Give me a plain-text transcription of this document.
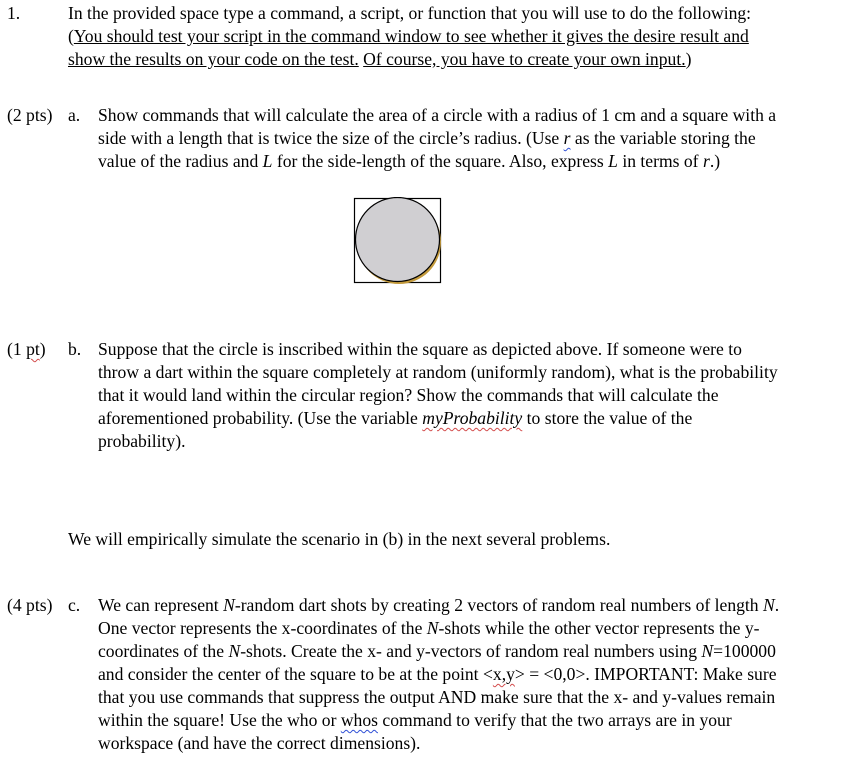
1.	In the provided space type a command, a script, or function that you will use to do the following: (You should test your script in the command window to see whether it gives the desire result and show the results on your code on the test. Of course, you have to create your own input.)
(2 pts) a. Show commands that will calculate the area of a circle with a radius of 1 cm and a square with a side with a length that is twice the size of the circle’s radius. (Use r as the variable storing the value of the radius and L for the side-length of the square. Also, express L in terms of r.)
(1 pt) b. Suppose that the circle is inscribed within the square as depicted above. If someone were to throw a dart within the square completely at random (uniformly random), what is the probability that it would land within the circular region? Show the commands that will calculate the aforementioned probability. (Use the variable myProbability to store the value of the probability).
We will empirically simulate the scenario in (b) in the next several problems.
(4 pts) c. We can represent N-random dart shots by creating 2 vectors of random real numbers of length N. One vector represents the x-coordinates of the N-shots while the other vector represents the y-coordinates of the N-shots. Create the x- and y-vectors of random real numbers using N=100000 and consider the center of the square to be at the point <x,y> = <0,0>. IMPORTANT: Make sure that you use commands that suppress the output AND make sure that the x- and y-values remain within the square! Use the who or whos command to verify that the two arrays are in your workspace (and have the correct dimensions).
